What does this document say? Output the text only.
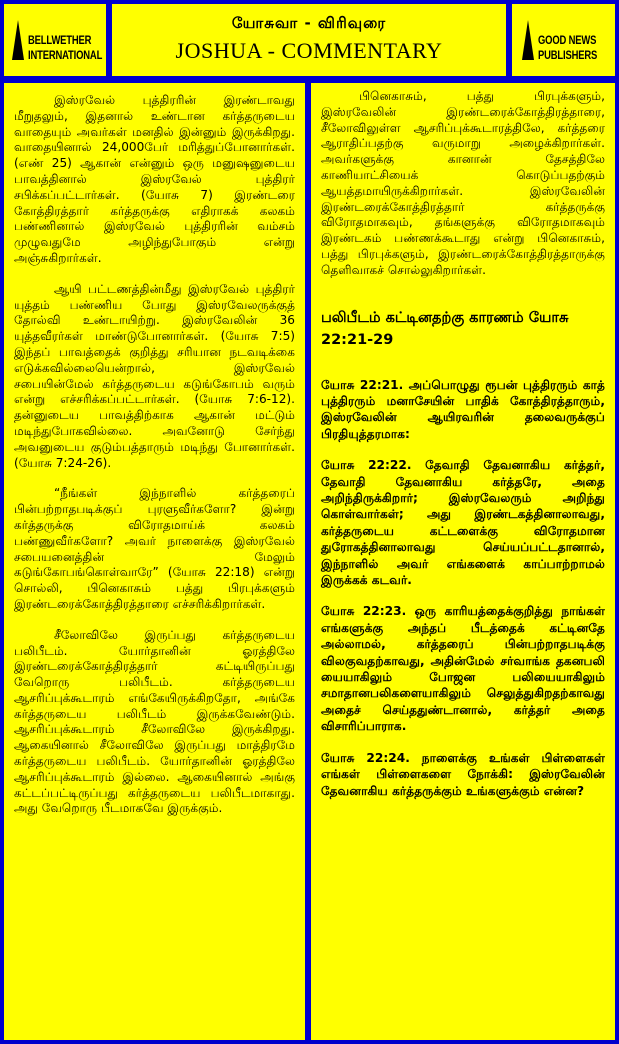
BELLWETHER
INTERNATIONAL
யோசுவா - விரிவுரை
JOSHUA - COMMENTARY	GOOD NEWS
PUBLISHERS

இஸ்ரவேல் புத்திரரின் இரண்டாவது மீறுதலும், இதனால் உண்டான கர்த்தருடைய வாதையும் அவர்கள் மனதில் இன்னும் இருக்கிறது. வாதையினால் 24,000பேர் மரித்துப்போனார்கள். (எண் 25) ஆகான் என்னும் ஒரு மனுஷனுடைய பாவத்தினால் இஸ்ரவேல் புத்திரர் சபிக்கப்பட்டார்கள். (யோசு 7) இரண்டரை கோத்திரத்தார் கர்த்தருக்கு எதிராகக் கலகம் பண்ணினால் இஸ்ரவேல் புத்திரரின் வம்சம் முழுவதுமே அழிந்துபோகும் என்று அஞ்சுகிறார்கள்.

ஆயி பட்டணத்தின்மீது இஸ்ரவேல் புத்திரர் யுத்தம் பண்ணிய போது இஸ்ரவேலருக்குத் தோல்வி உண்டாயிற்று. இஸ்ரவேலின் 36 யுத்தவீரர்கள் மாண்டுபோனார்கள். (யோசு 7:5) இந்தப் பாவத்தைக் குறித்து சரியான நடவடிக்கை எடுக்கவில்லையென்றால், இஸ்ரவேல் சபையின்மேல் கர்த்தருடைய கடுங்கோபம் வரும் என்று எச்சரிக்கப்பட்டார்கள். (யோசு 7:6-12). தன்னுடைய பாவத்திற்காக ஆகான் மட்டும் மடிந்துபோகவில்லை. அவனோடு சேர்ந்து அவனுடைய குடும்பத்தாரும் மடிந்து போனார்கள். (யோசு 7:24-26).

“நீங்கள் இந்நாளில் கர்த்தரைப் பின்பற்றாதபடிக்குப் புரளுவீர்களோ? இன்று கர்த்தருக்கு விரோதமாய்க் கலகம் பண்ணுவீர்களோ? அவர் நாளைக்கு இஸ்ரவேல் சபையனைத்தின் மேலும் கடுங்கோபங்கொள்வாரே” (யோசு 22:18) என்று சொல்லி, பினெகாசும் பத்து பிரபுக்களும் இரண்டரைக்கோத்திரத்தாரை எச்சரிக்கிறார்கள்.

சீலோவிலே இருப்பது கர்த்தருடைய பலிபீடம். யோர்தானின் ஓரத்திலே இரண்டரைக்கோத்திரத்தார் கட்டியிருப்பது வேறொரு பலிபீடம். கர்த்தருடைய ஆசரிப்புக்கூடாரம் எங்கேயிருக்கிறதோ, அங்கே கர்த்தருடைய பலிபீடம் இருக்கவேண்டும். ஆசரிப்புக்கூடாரம் சீலோவிலே இருக்கிறது. ஆகையினால் சீலோவிலே இருப்பது மாத்திரமே கர்த்தருடைய பலிபீடம். யோர்தானின் ஓரத்திலே ஆசரிப்புக்கூடாரம் இல்லை. ஆகையினால் அங்கு கட்டப்பட்டிருப்பது கர்த்தருடைய பலிபீடமாகாது. அது வேறொரு பீடமாகவே இருக்கும்.

பினெகாசும், பத்து பிரபுக்களும், இஸ்ரவேலின் இரண்டரைக்கோத்திரத்தாரை, சீலோவிலுள்ள ஆசரிப்புக்கூடாரத்திலே, கர்த்தரை ஆராதிப்பதற்கு வருமாறு அழைக்கிறார்கள். அவர்களுக்கு கானான் தேசத்திலே காணியாட்சியைக் கொடுப்பதற்கும் ஆயத்தமாயிருக்கிறார்கள். இஸ்ரவேலின் இரண்டரைக்கோத்திரத்தார் கர்த்தருக்கு விரோதமாகவும், தங்களுக்கு விரோதமாகவும் இரண்டகம் பண்ணக்கூடாது என்று பினெகாசும், பத்து பிரபுக்களும், இரண்டரைக்கோத்திரத்தாருக்கு தெளிவாகச் சொல்லுகிறார்கள்.

பலிபீடம் கட்டினதற்கு காரணம் யோசு 22:21-29
யோசு 22:21. அப்பொழுது ரூபன் புத்திரரும் காத் புத்திரரும் மனாசேயின் பாதிக் கோத்திரத்தாரும், இஸ்ரவேலின் ஆயிரவரின் தலைவருக்குப் பிரதியுத்தரமாக:
யோசு 22:22. தேவாதி தேவனாகிய கர்த்தர், தேவாதி தேவனாகிய கர்த்தரே, அதை அறிந்திருக்கிறார்; இஸ்ரவேலரும் அறிந்து கொள்வார்கள்; அது இரண்டகத்தினாலாவது, கர்த்தருடைய கட்டளைக்கு விரோதமான துரோகத்தினாலாவது செய்யப்பட்டதானால், இந்நாளில் அவர் எங்களைக் காப்பாற்றாமல் இருக்கக் கடவர்.
யோசு 22:23. ஒரு காரியத்தைக்குறித்து நாங்கள் எங்களுக்கு அந்தப் பீடத்தைக் கட்டினதே அல்லாமல், கர்த்தரைப் பின்பற்றாதபடிக்கு விலகுவதற்காவது, அதின்மேல் சர்வாங்க தகனபலி யையாகிலும் போஜன பலியையாகிலும் சமாதானபலிகளையாகிலும் செலுத்துகிறதற்காவது அதைச் செய்ததுண்டானால், கர்த்தர் அதை விசாரிப்பாராக.
யோசு 22:24. நாளைக்கு உங்கள் பிள்ளைகள் எங்கள் பிள்ளைகளை நோக்கி: இஸ்ரவேலின் தேவனாகிய கர்த்தருக்கும் உங்களுக்கும் என்ன?
